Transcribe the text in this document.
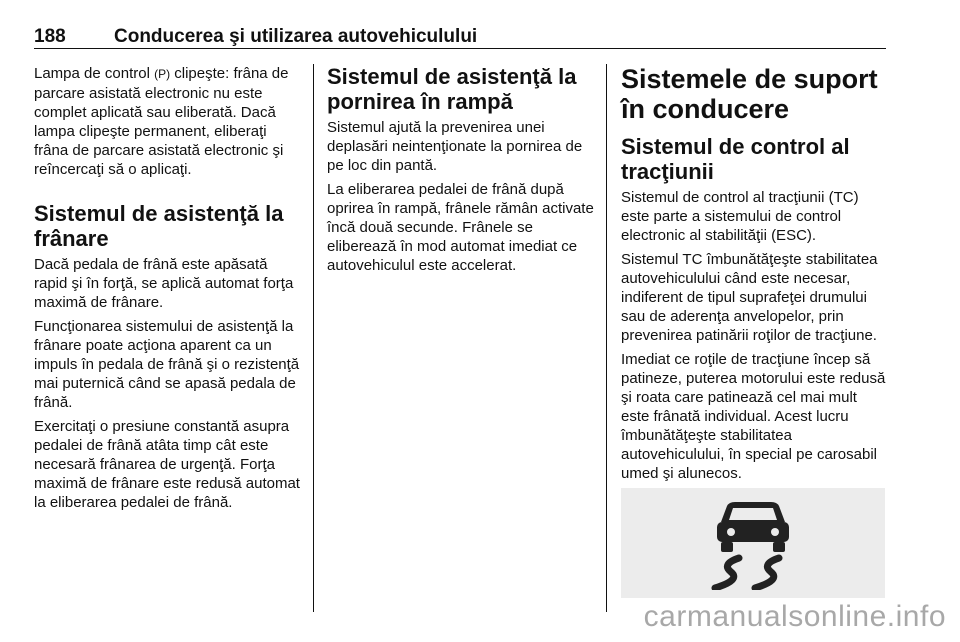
188	Conducerea şi utilizarea autovehiculului

Lampa de control (P) clipeşte: frâna de parcare asistată electronic nu este complet aplicată sau eliberată. Dacă lampa clipeşte permanent, eliberaţi frâna de parcare asistată electronic şi reîncercaţi să o aplicaţi.

Sistemul de asistenţă la frânare

Dacă pedala de frână este apăsată rapid şi în forţă, se aplică automat forţa maximă de frânare.

Funcţionarea sistemului de asistenţă la frânare poate acţiona aparent ca un impuls în pedala de frână şi o rezistenţă mai puternică când se apasă pedala de frână.

Exercitaţi o presiune constantă asupra pedalei de frână atâta timp cât este necesară frânarea de urgenţă. Forţa maximă de frânare este redusă automat la eliberarea pedalei de frână.

Sistemul de asistenţă la pornirea în rampă

Sistemul ajută la prevenirea unei deplasări neintenţionate la pornirea de pe loc din pantă.

La eliberarea pedalei de frână după oprirea în rampă, frânele rămân activate încă două secunde. Frânele se eliberează în mod automat imediat ce autovehiculul este accelerat.

Sistemele de suport în conducere
Sistemul de control al tracţiunii

Sistemul de control al tracţiunii (TC) este parte a sistemului de control electronic al stabilităţii (ESC).

Sistemul TC îmbunătăţeşte stabilitatea autovehiculului când este necesar, indiferent de tipul suprafeţei drumului sau de aderenţa anvelopelor, prin prevenirea patinării roţilor de tracţiune.

Imediat ce roţile de tracţiune încep să patineze, puterea motorului este redusă şi roata care patinează cel mai mult este frânată individual. Acest lucru îmbunătăţeşte stabilitatea autovehiculului, în special pe carosabil umed şi alunecos.

carmanualsonline.info
